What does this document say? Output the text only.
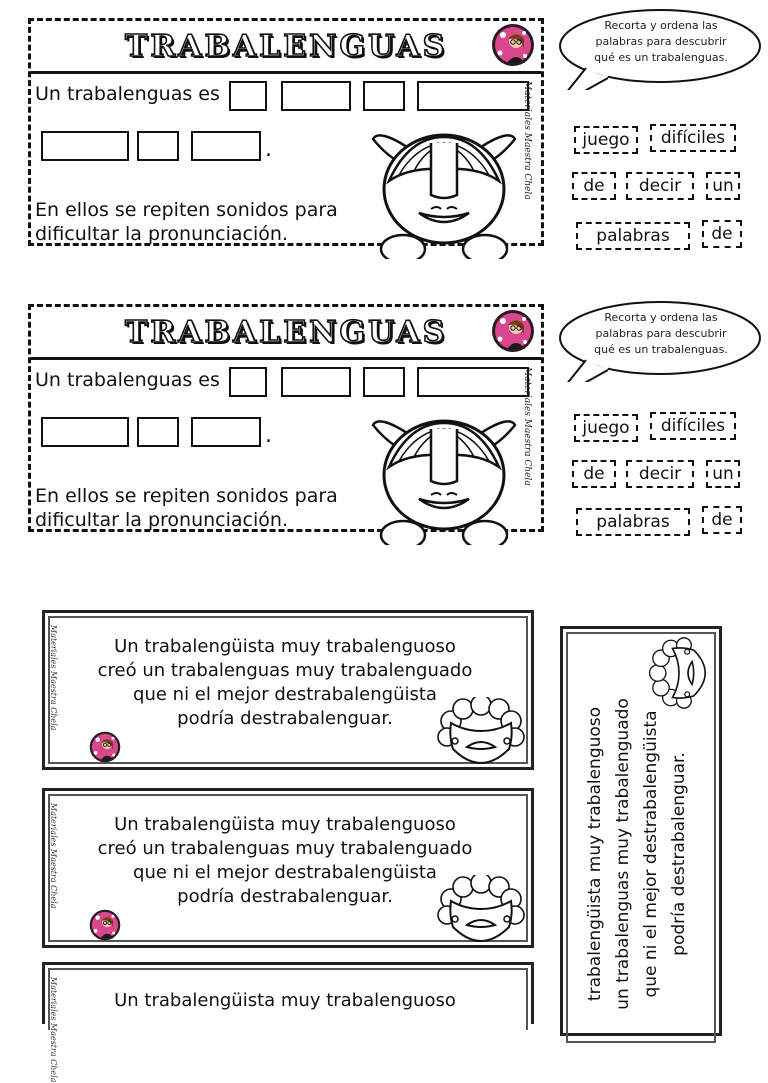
TRABALENGUAS
Un trabalenguas es
.
En ellos se repiten sonidos para
dificultar la pronunciación.
Materiales Maestra Chela
Recorta y ordena las
palabras para descubrir
qué es un trabalenguas.
juego	difíciles
de	decir	un
palabras	de
TRABALENGUAS
Un trabalenguas es
.
En ellos se repiten sonidos para
dificultar la pronunciación.
Materiales Maestra Chela
Recorta y ordena las
palabras para descubrir
qué es un trabalenguas.
juego	difíciles
de	decir	un
palabras	de
Materiales Maestra Chela	Un trabalengüista muy trabalenguoso
creó un trabalenguas muy trabalenguado
que ni el mejor destrabalengüista
podría destrabalenguar.
Materiales Maestra Chela	Un trabalengüista muy trabalenguoso
creó un trabalenguas muy trabalenguado
que ni el mejor destrabalengüista
podría destrabalenguar.
Materiales Maestra Chela	Un trabalengüista muy trabalenguoso	trabalengüista muy trabalenguoso un trabalenguas muy trabalenguado que ni el mejor destrabalengüista podría destrabalenguar.
